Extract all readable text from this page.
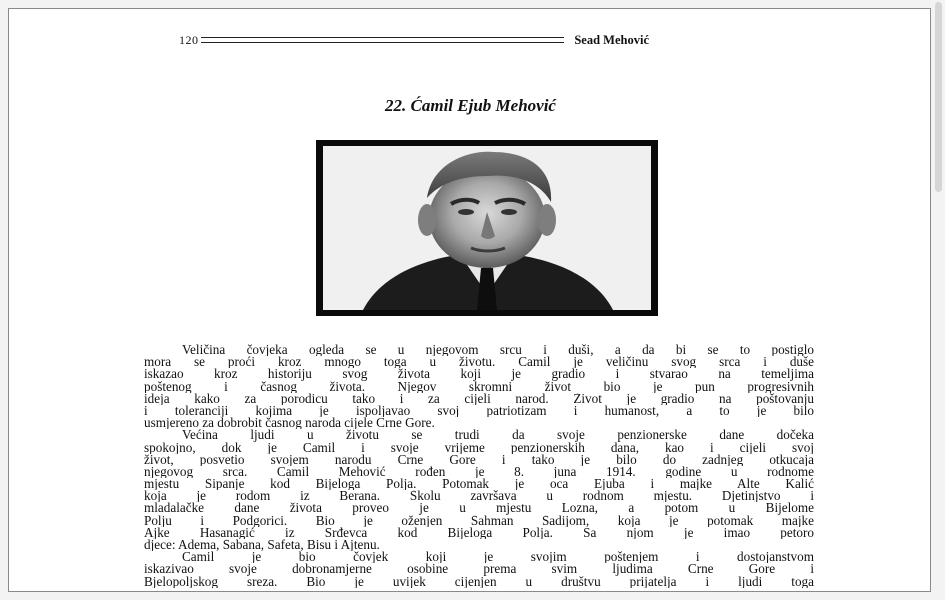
120	Sead Mehović
22. Ćamil Ejub Mehović
Veličina čovjeka ogleda se u njegovom srcu i duši, a da bi se to postiglo
mora se proći kroz mnogo toga u životu. Ćamil je veličinu svog srca i duše
iskazao kroz historiju svog života koji je gradio i stvarao na temeljima
poštenog i časnog života. Njegov skromni život bio je pun progresivnih
ideja kako za porodicu tako i za cijeli narod. Život je gradio na poštovanju
i toleranciji kojima je ispoljavao svoj patriotizam i humanost, a to je bilo
usmjereno za dobrobit časnog naroda cijele Crne Gore.
Većina ljudi u životu se trudi da svoje penzionerske dane dočeka
spokojno, dok je Ćamil i svoje vrijeme penzionerskih dana, kao i cijeli svoj
život, posvetio svojem narodu Crne Gore i tako je bilo do zadnjeg otkucaja
njegovog srca. Ćamil Mehović rođen je 8. juna 1914. godine u rodnome
mjestu Šipanje kod Bijeloga Polja. Potomak je oca Ejuba i majke Alte Kalić
koja je rodom iz Berana. Školu završava u rodnom mjestu. Djetinjstvo i
mladalačke dane života proveo je u mjestu Lozna, a potom u Bijelome
Polju i Podgorici. Bio je oženjen Šahman Šadijom, koja je potomak majke
Ajke Hasanagić iz Srđevca kod Bijeloga Polja. Sa njom je imao petoro
djece: Adema, Šabana, Safeta, Bisu i Ajtenu.
Ćamil je bio čovjek koji je svojim poštenjem i dostojanstvom
iskazivao svoje dobronamjerne osobine prema svim ljudima Crne Gore i
Bjelopoljskog sreza. Bio je uvijek cijenjen u društvu prijatelja i ljudi toga
